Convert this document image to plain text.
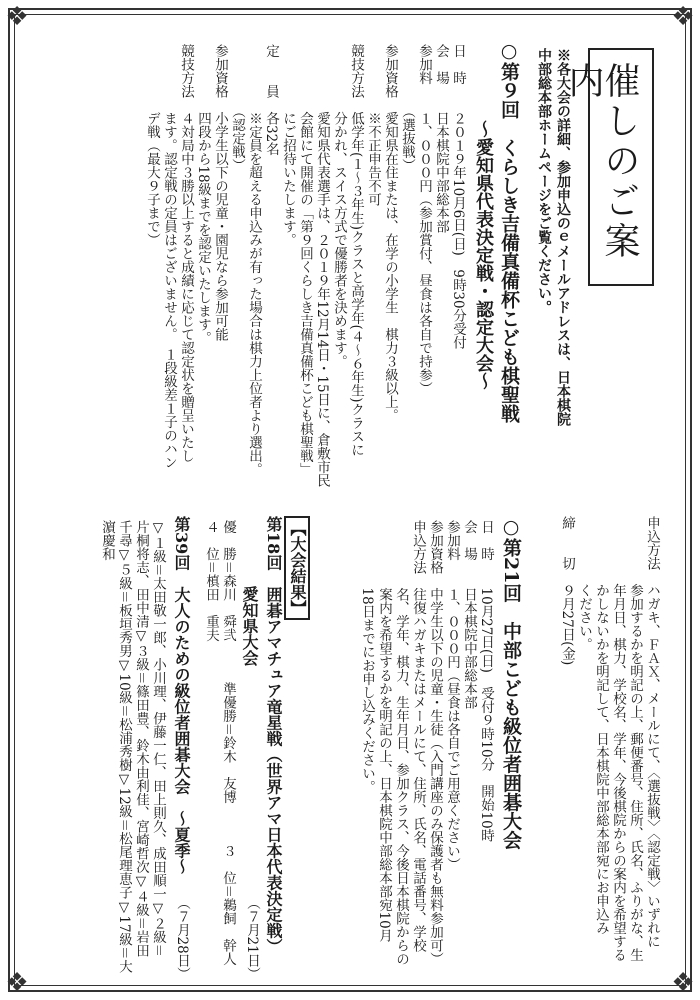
❖	❖
❖	❖
催しのご案内
※各大会の詳細、参加申込のｅメールアドレスは、日本棋院
中部総本部ホームページをご覧ください。
○第９回　くらしき吉備真備杯こども棋聖戦
～愛知県代表決定戦・認定大会～
日　時　　２０１９年10月6日(日)　9時30分受付
会　場　　日本棋院中部総本部
参加料　　１、０００円（参加賞付、昼食は各自で持参）
　　　　　（選抜戦）
参加資格　愛知県在住または、在学の小学生　棋力３級以上。
　　　　　※不正申告不可
競技方法　低学年(１～３年生)クラスと高学年(４～６年生)クラスに
　　　　　分かれ、スイス方式で優勝者を決めます。
　　　　　愛知県代表選手は、２０１９年12月14日・15日に、倉敷市民
　　　　　会館にて開催の「第９回くらしき吉備真備杯こども棋聖戦」
　　　　　にご招待いたします。
定　　員　各32名
　　　　　※定員を超える申込みが有った場合は棋力上位者より選出。
　　　　　（認定戦）
参加資格　小学生以下の児童・園児なら参加可能
　　　　　四段から18級までを認定いたします。
競技方法　４対局中３勝以上すると成績に応じて認定状を贈呈いたし
　　　　　ます。認定戦の定員はございません。　１段級差１子のハン
　　　　　デ戦（最大９子まで）
申込方法　ハガキ、ＦＡＸ、メールにて、〈選抜戦〉〈認定戦〉いずれに
　　　　　参加するかを明記の上、郵便番号、住所、氏名、ふりがな、生
　　　　　年月日、棋力、学校名、学年、今後棋院からの案内を希望する
　　　　　かしないかを明記して、日本棋院中部総本部宛にお申込み
　　　　　ください。
締　　切　９月27日(金)
○第21回　中部こども級位者囲碁大会
日　時　　10月27日(日)　受付９時10分　開始10時
会　場　　日本棋院中部総本部
参加料　　１、０００円（昼食は各自でご用意ください）
参加資格　中学生以下の児童・生徒（入門講座のみ保護者も無料参加可）
申込方法　往復ハガキまたはメールにて、住所、氏名、電話番号、学校
　　　　　名、学年、棋力、生年月日、参加クラス、今後日本棋院からの
　　　　　案内を希望するかを明記の上、日本棋院中部総本部宛10月
　　　　　18日までにお申し込みください。
【大会結果】
第18回　囲碁アマチュア竜星戦（世界アマ日本代表決定戦）
愛知県大会
（７月21日）
優　勝＝森川　舜弐　　　準優勝＝鈴木　友博　　　３　位＝鵜飼　幹人
４　位＝槙田　重夫
第39回　大人のための級位者囲碁大会　～夏季～
（７月28日）
▽１級＝太田敬一郎、小川理、伊藤一仁、田上則久、成田順一▽２級＝
片桐将志、田中清▽３級＝篠田豊、鈴木由利佳、宮崎哲次▽４級＝岩田
千尋▽５級＝板垣秀男▽10級＝松浦秀樹▽12級＝松尾理恵子▽17級＝大
濵慶和
